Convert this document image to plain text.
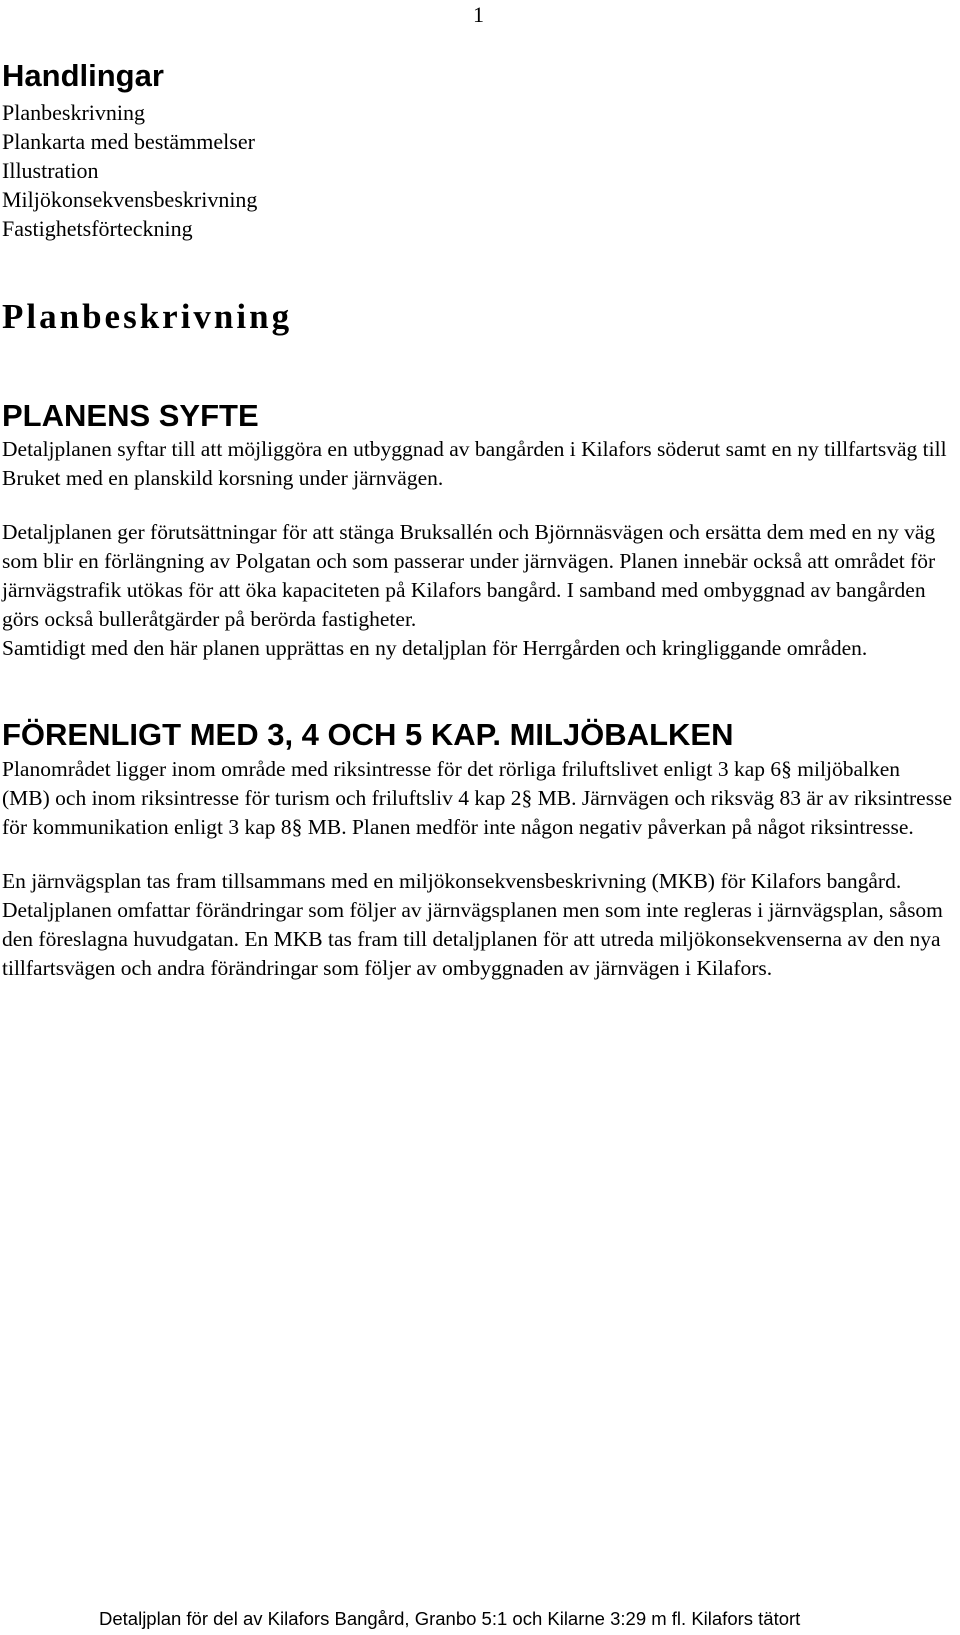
1
Handlingar
Planbeskrivning
Plankarta med bestämmelser
Illustration
Miljökonsekvensbeskrivning
Fastighetsförteckning
Planbeskrivning
PLANENS SYFTE

Detaljplanen syftar till att möjliggöra en utbyggnad av bangården i Kilafors söderut samt en ny tillfartsväg till Bruket med en planskild korsning under järnvägen.

Detaljplanen ger förutsättningar för att stänga Bruksallén och Björnnäsvägen och ersätta dem med en ny väg som blir en förlängning av Polgatan och som passerar under järnvägen. Planen innebär också att området för järnvägstrafik utökas för att öka kapaciteten på Kilafors bangård. I samband med ombyggnad av bangården görs också bulleråtgärder på berörda fastigheter.

Samtidigt med den här planen upprättas en ny detaljplan för Herrgården och kringliggande områden.

FÖRENLIGT MED 3, 4 OCH 5 KAP. MILJÖBALKEN

Planområdet ligger inom område med riksintresse för det rörliga friluftslivet enligt 3 kap 6§ miljöbalken (MB) och inom riksintresse för turism och friluftsliv 4 kap 2§ MB. Järnvägen och riksväg 83 är av riksintresse för kommunikation enligt 3 kap 8§ MB. Planen medför inte någon negativ påverkan på något riksintresse.

En järnvägsplan tas fram tillsammans med en miljökonsekvensbeskrivning (MKB) för Kilafors bangård. Detaljplanen omfattar förändringar som följer av järnvägsplanen men som inte regleras i järnvägsplan, såsom den föreslagna huvudgatan. En MKB tas fram till detaljplanen för att utreda miljökonsekvenserna av den nya tillfartsvägen och andra förändringar som följer av ombyggnaden av järnvägen i Kilafors.

Detaljplan för del av Kilafors Bangård, Granbo 5:1 och Kilarne 3:29 m fl. Kilafors tätort
